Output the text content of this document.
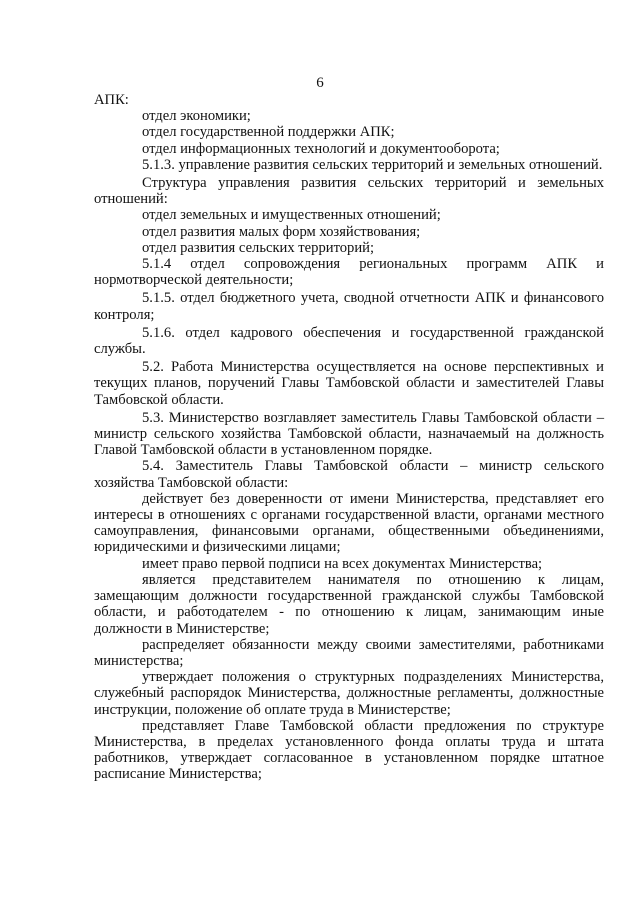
6

АПК:

отдел экономики;

отдел государственной поддержки АПК;

отдел информационных технологий и документооборота;

5.1.3. управление развития сельских территорий и земельных отношений.

Структура управления развития сельских территорий и земельных отношений:

отдел земельных и имущественных отношений;

отдел развития малых форм хозяйствования;

отдел развития сельских территорий;

5.1.4 отдел сопровождения региональных программ АПК и нормотворческой деятельности;

5.1.5. отдел бюджетного учета, сводной отчетности АПК и финансового контроля;

5.1.6. отдел кадрового обеспечения и государственной гражданской службы.

5.2. Работа Министерства осуществляется на основе перспективных и текущих планов, поручений Главы Тамбовской области и заместителей Главы Тамбовской области.

5.3. Министерство возглавляет заместитель Главы Тамбовской области – министр сельского хозяйства Тамбовской области, назначаемый на должность Главой Тамбовской области в установленном порядке.

5.4. Заместитель Главы Тамбовской области – министр сельского хозяйства Тамбовской области:

действует без доверенности от имени Министерства, представляет его интересы в отношениях с органами государственной власти, органами местного самоуправления, финансовыми органами, общественными объединениями, юридическими и физическими лицами;

имеет право первой подписи на всех документах Министерства;

является представителем нанимателя по отношению к лицам, замещающим должности государственной гражданской службы Тамбовской области, и работодателем - по отношению к лицам, занимающим иные должности в Министерстве;

распределяет обязанности между своими заместителями, работниками министерства;

утверждает положения о структурных подразделениях Министерства, служебный распорядок Министерства, должностные регламенты, должностные инструкции, положение об оплате труда в Министерстве;

представляет Главе Тамбовской области предложения по структуре Министерства, в пределах установленного фонда оплаты труда и штата работников, утверждает согласованное в установленном порядке штатное расписание Министерства;
